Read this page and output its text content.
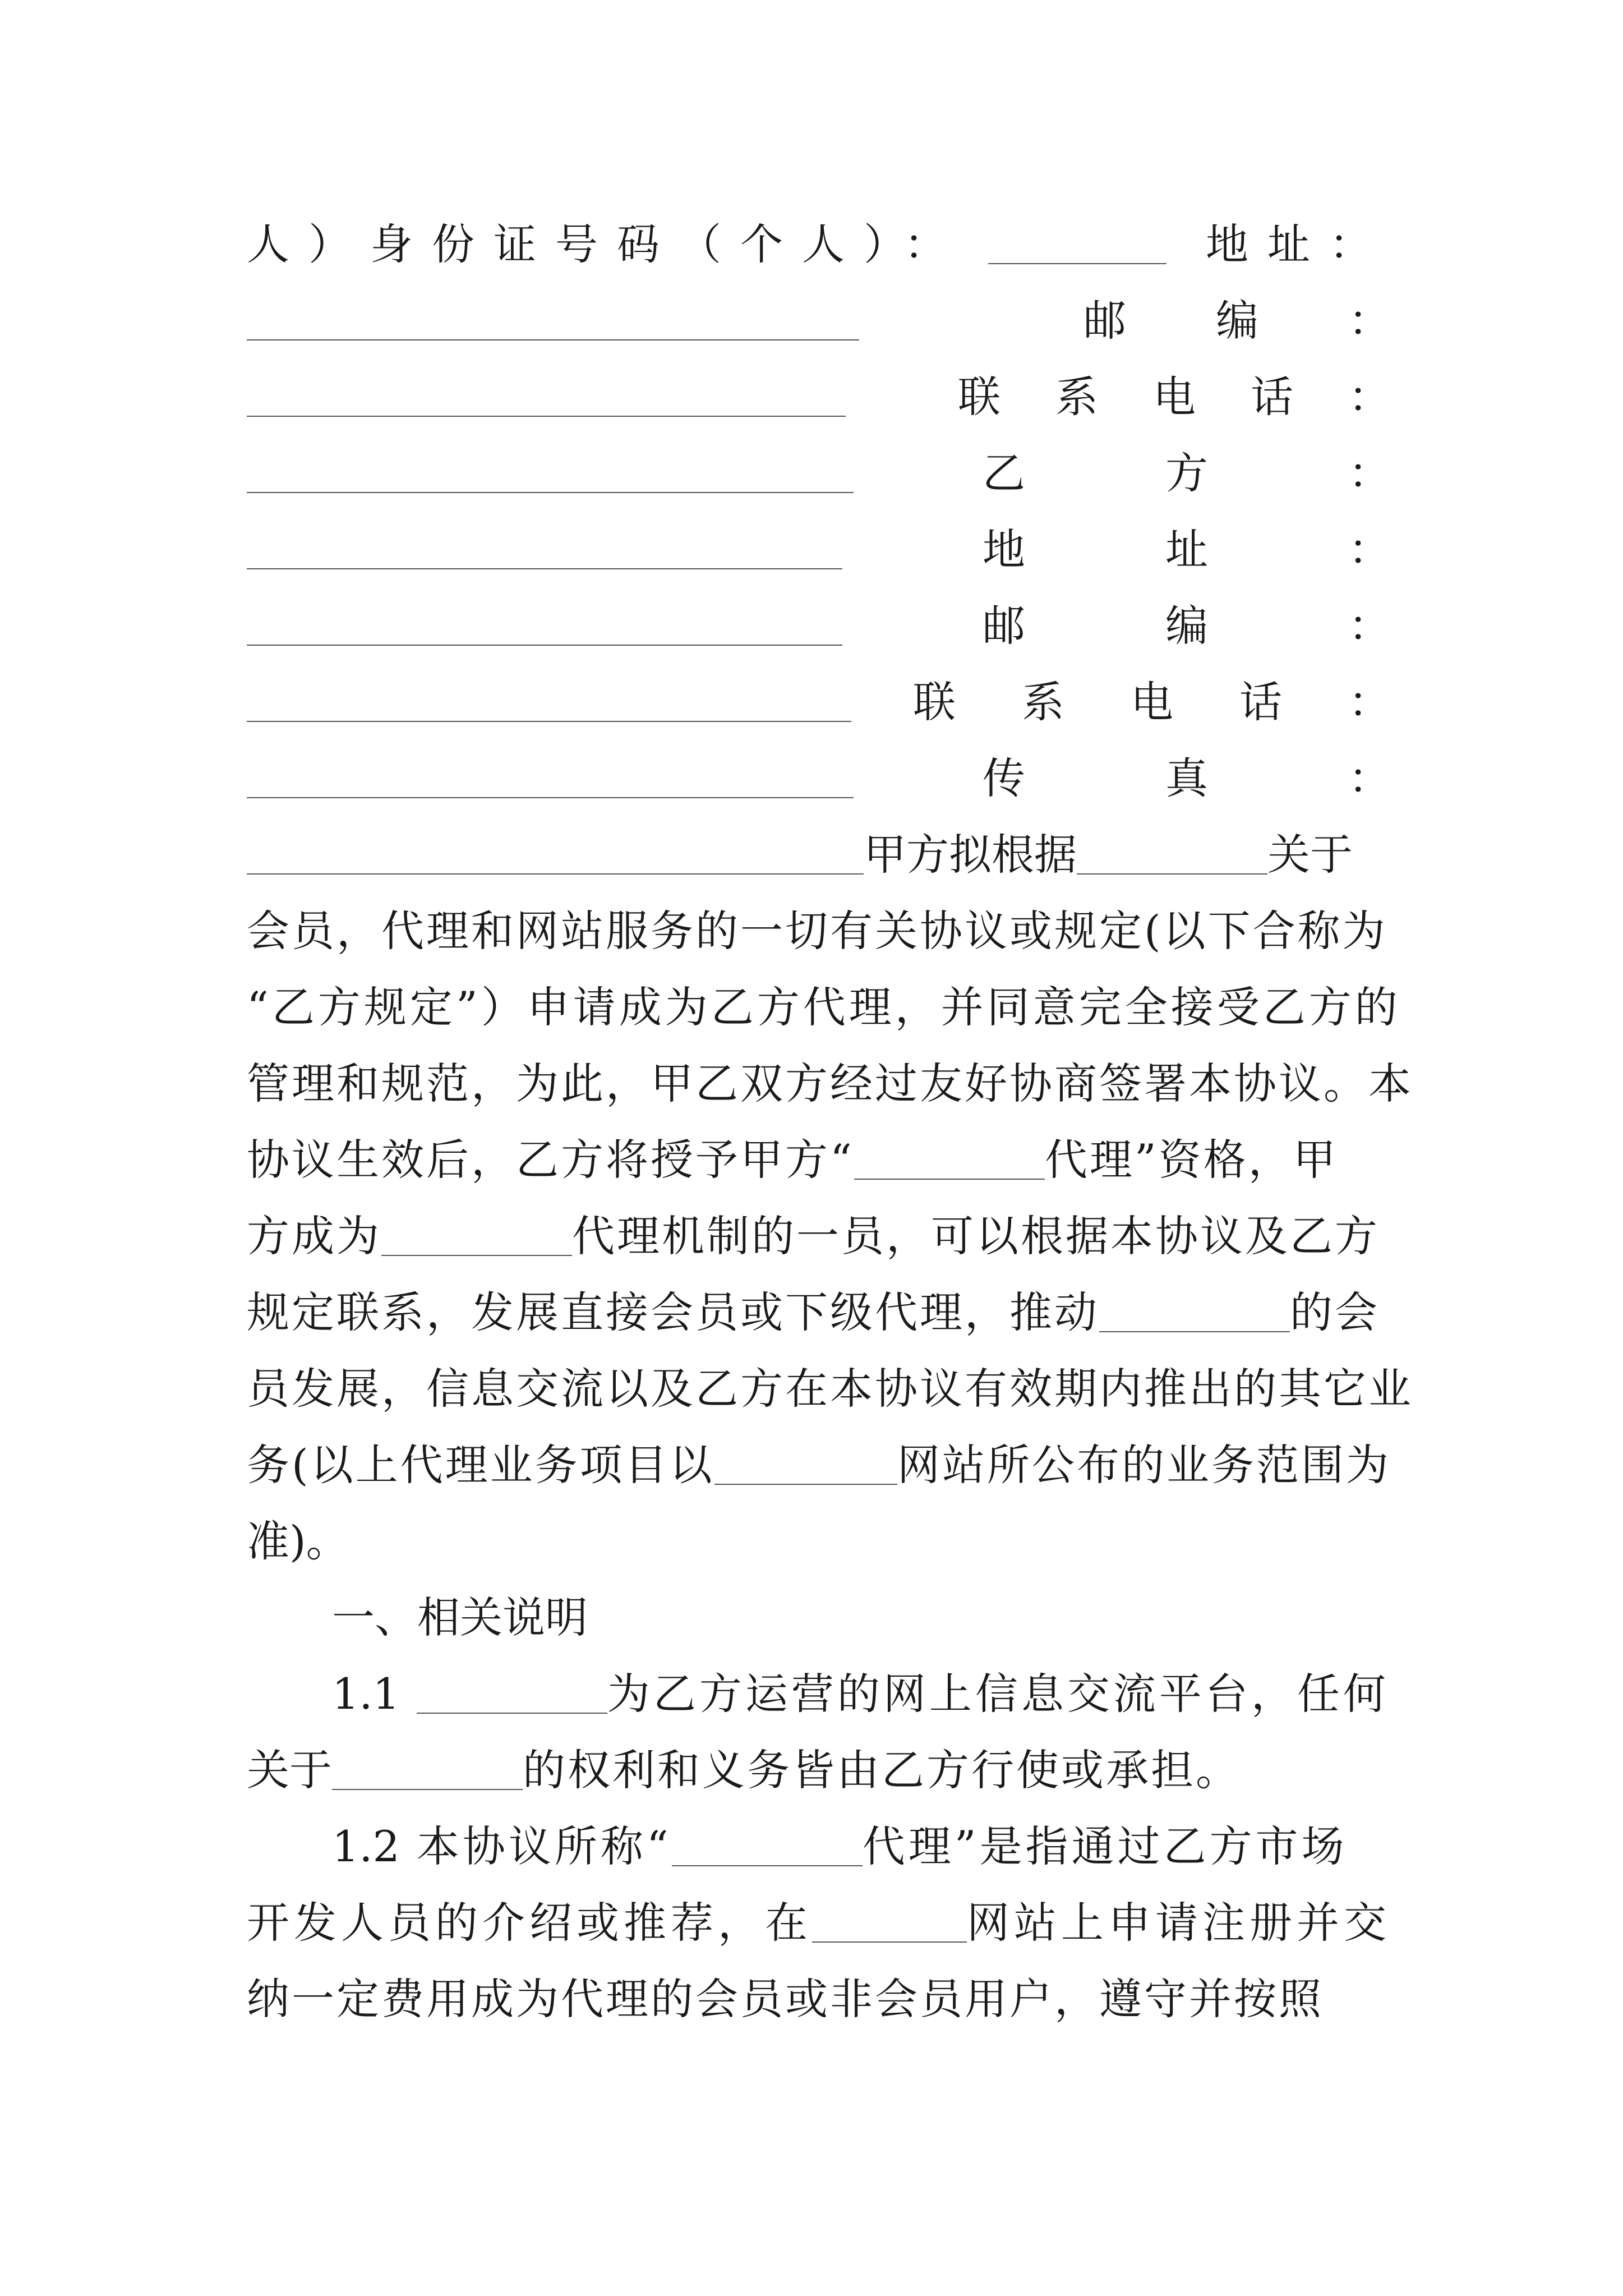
人）身份证号码（个人）：	地址：
邮编 ：
联系电话 ：
乙方 ：
地址 ：
邮编 ：
联系电话 ：
传真 ：
甲方拟根据	关于
会员，代理和网站服务的一切有关协议或规定(以下合称为
“乙方规定”）申请成为乙方代理，并同意完全接受乙方的
管理和规范，为此，甲乙双方经过友好协商签署本协议。本
协议生效后，乙方将授予甲方“	代理”资格，甲
方成为	代理机制的一员，可以根据本协议及乙方
规定联系，发展直接会员或下级代理，推动	的会
员发展，信息交流以及乙方在本协议有效期内推出的其它业
务(以上代理业务项目以	网站所公布的业务范围为
准)。
一、相关说明
1.1	为乙方运营的网上信息交流平台，任何
关于	的权利和义务皆由乙方行使或承担。
1.2 本协议所称“	代理”是指通过乙方市场
开发人员的介绍或推荐，在	网站上申请注册并交
纳一定费用成为代理的会员或非会员用户，遵守并按照
